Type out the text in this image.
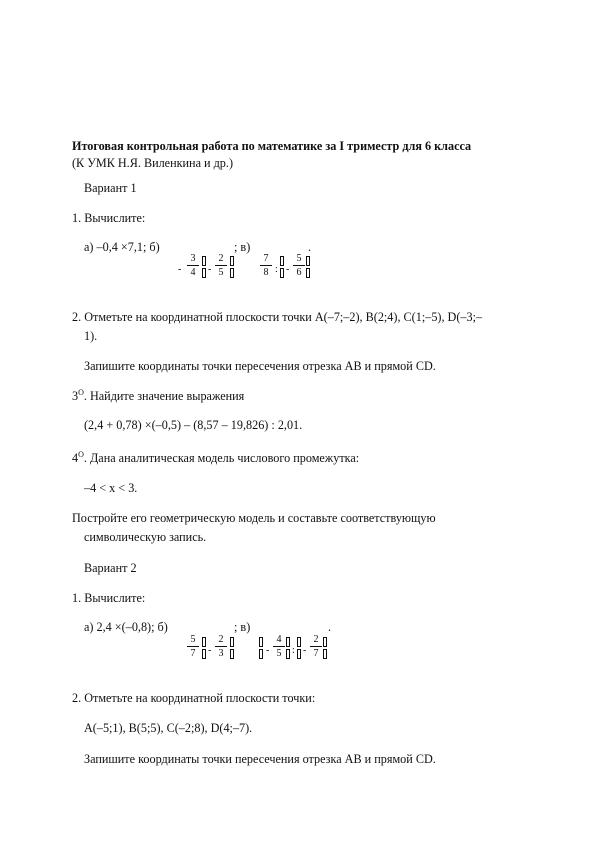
Итоговая контрольная работа по математике за I триместр для 6 класса
(К УМК Н.Я. Виленкина и др.)
Вариант 1
1. Вычислите:
а) –0,4 ×7,1; б)	; в)	.
-
3
4	-
2
5
7
8 : -
5
6
2. Отметьте на координатной плоскости точки A(–7;–2), B(2;4), C(1;–5), D(–3;–
1).
Запишите координаты точки пересечения отрезка AB и прямой CD.
$3^О$. Найдите значение выражения
(2,4 + 0,78) ×(–0,5) – (8,57 – 19,826) : 2,01.
$4^О$. Дана аналитическая модель числового промежутка:
–4 < x < 3.
Постройте его геометрическую модель и составьте соответствующую
символическую запись.
Вариант 2
1. Вычислите:
а) 2,4 ×(–0,8); б)	; в)	.
5
7	-
2
3	-
4
5	: -
2
7
2. Отметьте на координатной плоскости точки:
A(–5;1), B(5;5), C(–2;8), D(4;–7).
Запишите координаты точки пересечения отрезка AB и прямой CD.
